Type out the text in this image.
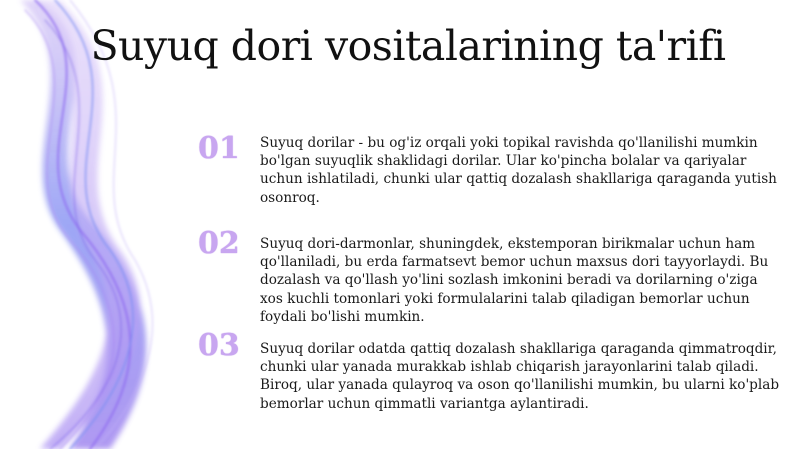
Suyuq dori vositalarining ta'rifi
01	Suyuq dorilar - bu og'iz orqali yoki topikal ravishda qo'llanilishi mumkin bo'lgan suyuqlik shaklidagi dorilar. Ular ko'pincha bolalar va qariyalar uchun ishlatiladi, chunki ular qattiq dozalash shakllariga qaraganda yutish osonroq.
02	Suyuq dori-darmonlar, shuningdek, ekstemporan birikmalar uchun ham qo'llaniladi, bu erda farmatsevt bemor uchun maxsus dori tayyorlaydi. Bu dozalash va qo'llash yo'lini sozlash imkonini beradi va dorilarning o'ziga xos kuchli tomonlari yoki formulalarini talab qiladigan bemorlar uchun foydali bo'lishi mumkin.
03	Suyuq dorilar odatda qattiq dozalash shakllariga qaraganda qimmatroqdir, chunki ular yanada murakkab ishlab chiqarish jarayonlarini talab qiladi. Biroq, ular yanada qulayroq va oson qo'llanilishi mumkin, bu ularni ko'plab bemorlar uchun qimmatli variantga aylantiradi.
